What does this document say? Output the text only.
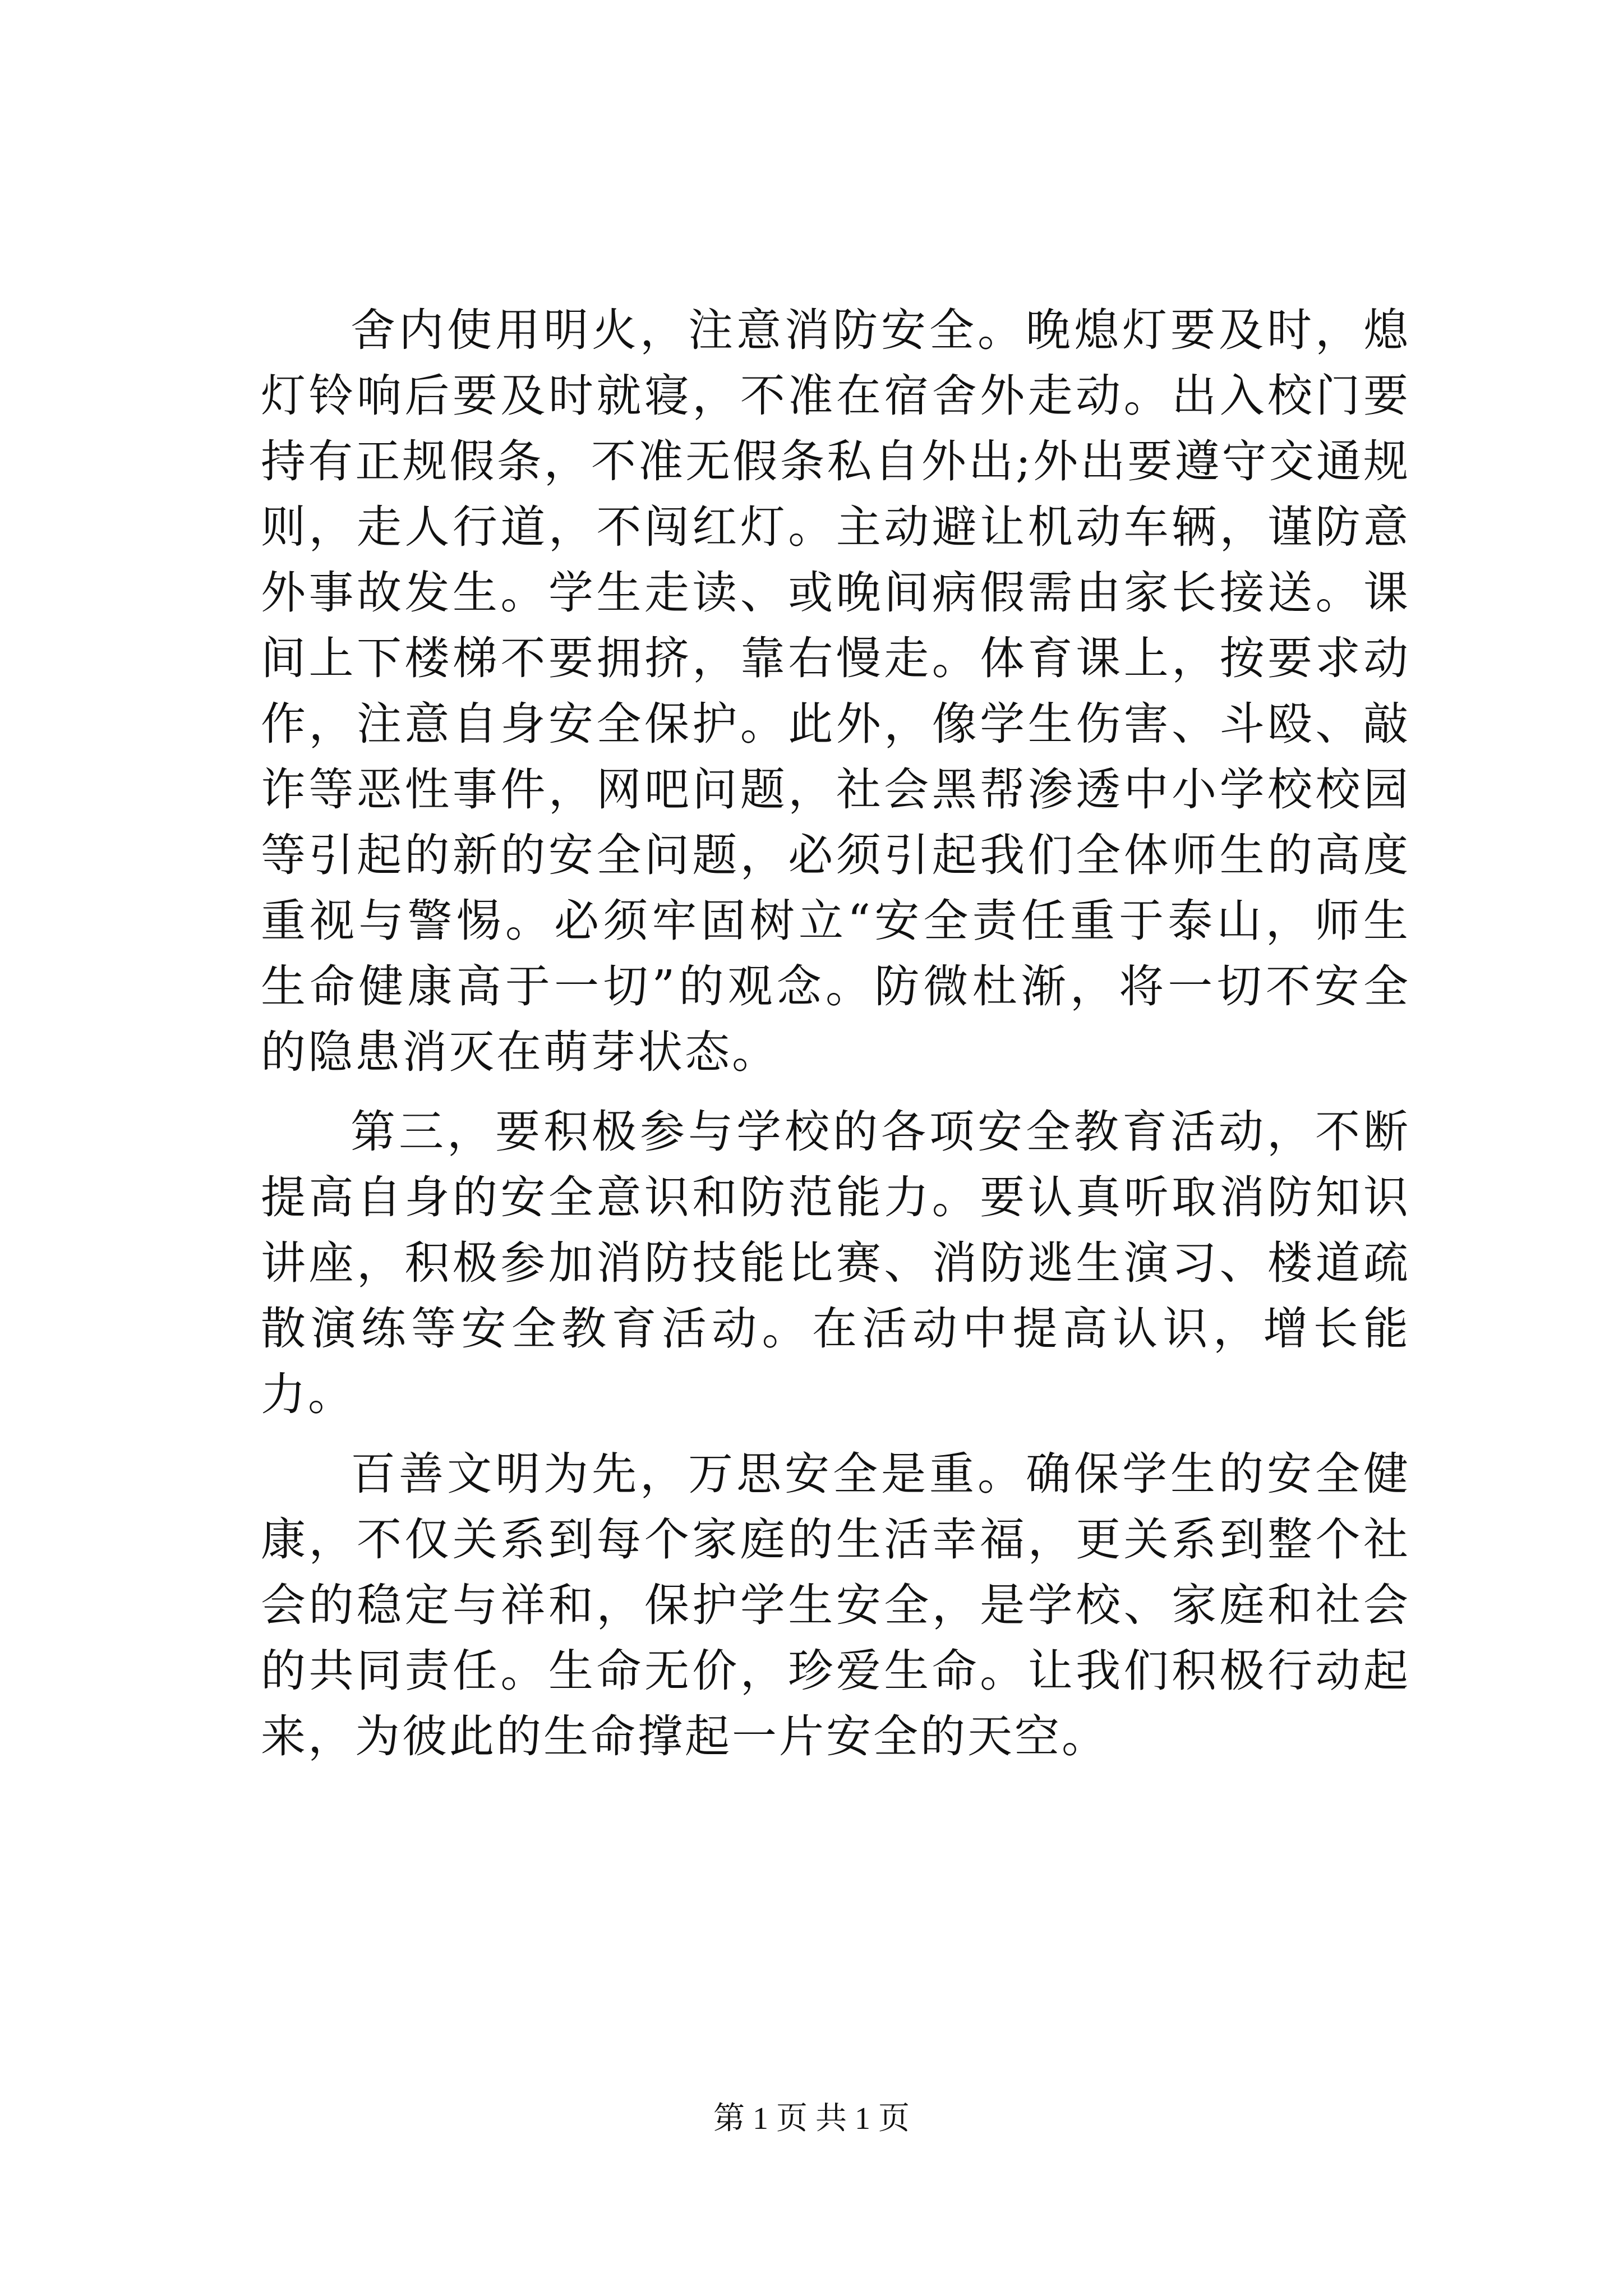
舍内使用明火，注意消防安全。晚熄灯要及时，熄灯铃响后要及时就寝，不准在宿舍外走动。出入校门要持有正规假条，不准无假条私自外出;外出要遵守交通规则，走人行道，不闯红灯。主动避让机动车辆，谨防意外事故发生。学生走读、或晚间病假需由家长接送。课间上下楼梯不要拥挤，靠右慢走。体育课上，按要求动作，注意自身安全保护。此外，像学生伤害、斗殴、敲诈等恶性事件，网吧问题，社会黑帮渗透中小学校校园等引起的新的安全问题，必须引起我们全体师生的高度重视与警惕。必须牢固树立“安全责任重于泰山，师生生命健康高于一切”的观念。防微杜渐，将一切不安全的隐患消灭在萌芽状态。

第三，要积极参与学校的各项安全教育活动，不断提高自身的安全意识和防范能力。要认真听取消防知识讲座，积极参加消防技能比赛、消防逃生演习、楼道疏散演练等安全教育活动。在活动中提高认识，增长能力。

百善文明为先，万思安全是重。确保学生的安全健康，不仅关系到每个家庭的生活幸福，更关系到整个社会的稳定与祥和，保护学生安全，是学校、家庭和社会的共同责任。生命无价，珍爱生命。让我们积极行动起来，为彼此的生命撑起一片安全的天空。

第 1 页 共 1 页
